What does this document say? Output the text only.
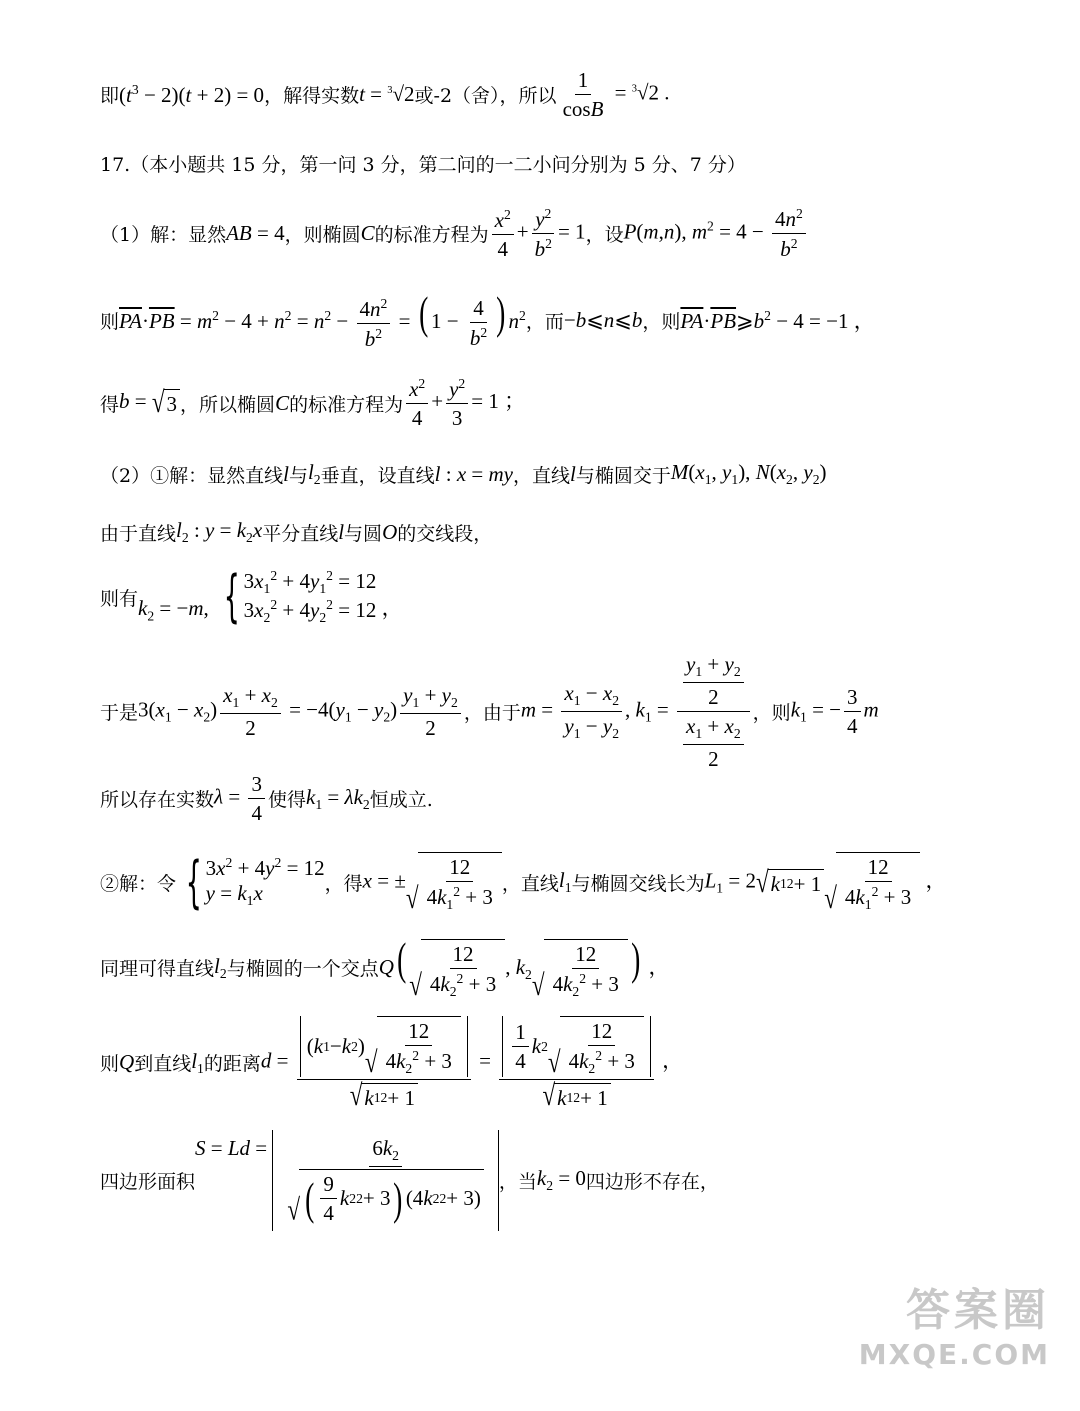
即 $(t^3 - 2)(t + 2) = 0$ ，解得实数 t = $^3$√2 或-2（舍），所以 $\frac{1}{\cos B} = ^3√2$ .
17.（本小题共 15 分，第一问 3 分，第二问的一二小问分别为 5 分、7 分）
（1）解：显然 AB = 4 ，则椭圆 C 的标准方程为 $\frac{x^2}{4} + \frac{y^2}{b^2} = 1$ ，设 P(m,n), $m^2 = 4 - \frac{4n^2}{b^2}$
则 $\overline{PA}\cdot\overline{PB} = m^2 - 4 + n^2 = n^2 - \frac{4n^2}{b^2}$ = ( $1 - \frac{4}{b^2}$ ) $n^2$ ，而 −b⩽n⩽b ，则 $\overline{PA}\cdot\overline{PB}⩾b^2 - 4 = -1$ ，
得 b = √ 3 ，所以椭圆 C 的标准方程为 $\frac{x^2}{4} + \frac{y^2}{3} = 1$ ；
（2）①解：显然直线 l 与 $l_2$ 垂直，设直线 l : x = my ，直线 l 与椭圆交于 $M(x_1$, $y_1$), $N(x_2$, $y_2$)
由于直线 $l_2$ : $y = k_2x$ 平分直线 l 与圆 O 的交线段，
则有 $k_2 = -m$, { $3x_1^2 + 4y_1^2 = 12$
$3x_2^2 + 4y_2^2 = 12$ ，
于是 $3(x_1 - x_2) \frac{x_1 + x_2}{2} = -4(y_1 - y_2) \frac{y_1 + y_2}{2}$ ，由于 $m = \frac{x_1 - x_2}{y_1 - y_2}$ , $k_1 = \frac{\frac{y_1 + y_2}{2}}{\frac{x_1 + x_2}{2}}$ ，则 $k_1$ = − $\frac{3}{4}$ m
所以存在实数 $\lambda = \frac{3}{4}$ 使得 $k_1 = \lambda k_2$ 恒成立.
②解：令 { $3x^2 + 4y^2 = 12$
$y = k_1x$	，得 x = ±
√ $\frac{12}{4k_1^2 + 3}$ ，直线 $l_1$ 与椭圆交线长为 $L_1 = 2$ √ k 1 2 + 1 √ $\frac{12}{4k_1^2 + 3}$ ，
同理可得直线 $l_2$ 与椭圆的一个交点 Q( √ $\frac{12}{4k_2^2 + 3}$ , $k_2$ √ $\frac{12}{4k_2^2 + 3}$ ) ，
则 Q 到直线 $l_1$ 的距离 $d = \frac{( k 1 - k 2 ) √ \frac{12}{4k_2^2 + 3}}{√ k 1 2 + 1} = \frac{\frac{1}{4} k 2 √ \frac{12}{4k_2^2 + 3}}{√ k 1 2 + 1}$ ，
四边形面积
$S = Ld = \frac{6k_2}{√ ( \frac{9}{4} k 2 2 + 3 ) (4 k 2 2 + 3)}$ ，当 $k_2 = 0$ 四边形不存在，
答案圈
MXQE.COM
